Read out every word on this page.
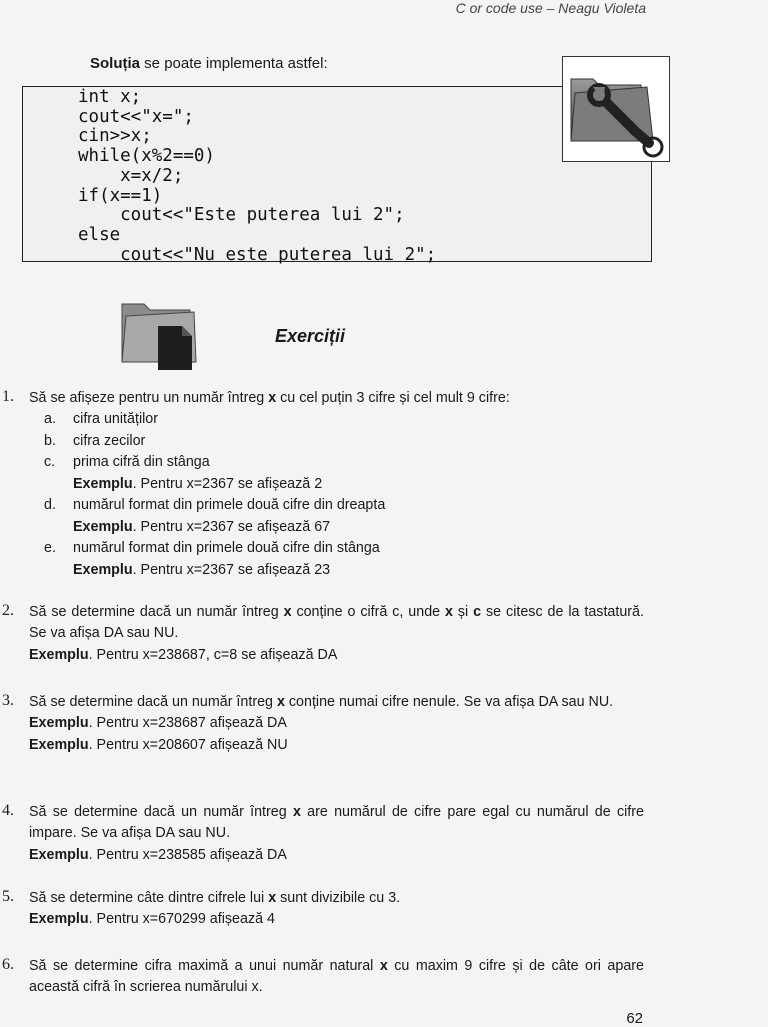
C or code use – Neagu Violeta
Soluția se poate implementa astfel:
int x;
cout<<"x=";
cin>>x;
while(x%2==0)
x=x/2;
if(x==1)
cout<<"Este puterea lui 2";
else
cout<<"Nu este puterea lui 2";
Exerciții
1. Să se afișeze pentru un număr întreg x cu cel puțin 3 cifre și cel mult 9 cifre:
a.	cifra unităților
b.	cifra zecilor
c.	prima cifră din stânga
Exemplu. Pentru x=2367 se afișează 2
d.	numărul format din primele două cifre din dreapta
Exemplu. Pentru x=2367 se afișează 67
e.	numărul format din primele două cifre din stânga
Exemplu. Pentru x=2367 se afișează 23
2. Să se determine dacă un număr întreg x conține o cifră c, unde x și c se citesc de la tastatură. Se va afișa DA sau NU.
Exemplu. Pentru x=238687, c=8 se afișează DA
3. Să se determine dacă un număr întreg x conține numai cifre nenule. Se va afișa DA sau NU.
Exemplu. Pentru x=238687 afișează DA
Exemplu. Pentru x=208607 afișează NU
4. Să se determine dacă un număr întreg x are numărul de cifre pare egal cu numărul de cifre impare. Se va afișa DA sau NU.
Exemplu. Pentru x=238585 afișează DA
5. Să se determine câte dintre cifrele lui x sunt divizibile cu 3.
Exemplu. Pentru x=670299 afișează 4
6. Să se determine cifra maximă a unui număr natural x cu maxim 9 cifre și de câte ori apare această cifră în scrierea numărului x.
62
